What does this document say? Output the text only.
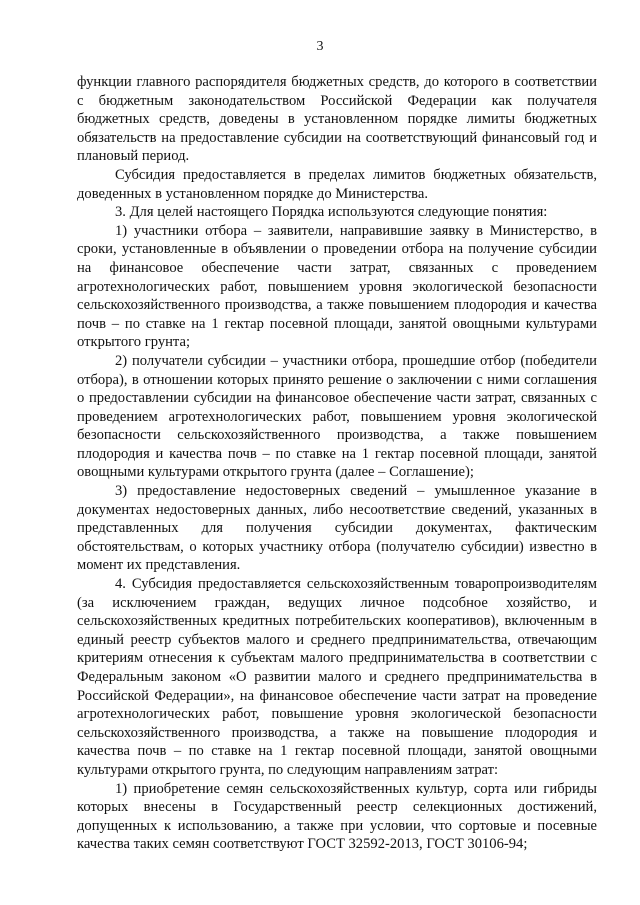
3

функции главного распорядителя бюджетных средств, до которого в соответствии с бюджетным законодательством Российской Федерации как получателя бюджетных средств, доведены в установленном порядке лимиты бюджетных обязательств на предоставление субсидии на соответствующий финансовый год и плановый период.

Субсидия предоставляется в пределах лимитов бюджетных обязательств, доведенных в установленном порядке до Министерства.

3. Для целей настоящего Порядка используются следующие понятия:

1) участники отбора – заявители, направившие заявку в Министерство, в сроки, установленные в объявлении о проведении отбора на получение субсидии на финансовое обеспечение части затрат, связанных с проведением агротехнологических работ, повышением уровня экологической безопасности сельскохозяйственного производства, а также повышением плодородия и качества почв – по ставке на 1 гектар посевной площади, занятой овощными культурами открытого грунта;

2) получатели субсидии – участники отбора, прошедшие отбор (победители отбора), в отношении которых принято решение о заключении с ними соглашения о предоставлении субсидии на финансовое обеспечение части затрат, связанных с проведением агротехнологических работ, повышением уровня экологической безопасности сельскохозяйственного производства, а также повышением плодородия и качества почв – по ставке на 1 гектар посевной площади, занятой овощными культурами открытого грунта (далее – Соглашение);

3) предоставление недостоверных сведений – умышленное указание в документах недостоверных данных, либо несоответствие сведений, указанных в представленных для получения субсидии документах, фактическим обстоятельствам, о которых участнику отбора (получателю субсидии) известно в момент их представления.

4. Субсидия предоставляется сельскохозяйственным товаропроизводителям (за исключением граждан, ведущих личное подсобное хозяйство, и сельскохозяйственных кредитных потребительских кооперативов), включенным в единый реестр субъектов малого и среднего предпринимательства, отвечающим критериям отнесения к субъектам малого предпринимательства в соответствии с Федеральным законом «О развитии малого и среднего предпринимательства в Российской Федерации», на финансовое обеспечение части затрат на проведение агротехнологических работ, повышение уровня экологической безопасности сельскохозяйственного производства, а также на повышение плодородия и качества почв – по ставке на 1 гектар посевной площади, занятой овощными культурами открытого грунта, по следующим направлениям затрат:

1) приобретение семян сельскохозяйственных культур, сорта или гибриды которых внесены в Государственный реестр селекционных достижений, допущенных к использованию, а также при условии, что сортовые и посевные качества таких семян соответствуют ГОСТ 32592-2013, ГОСТ 30106-94;
